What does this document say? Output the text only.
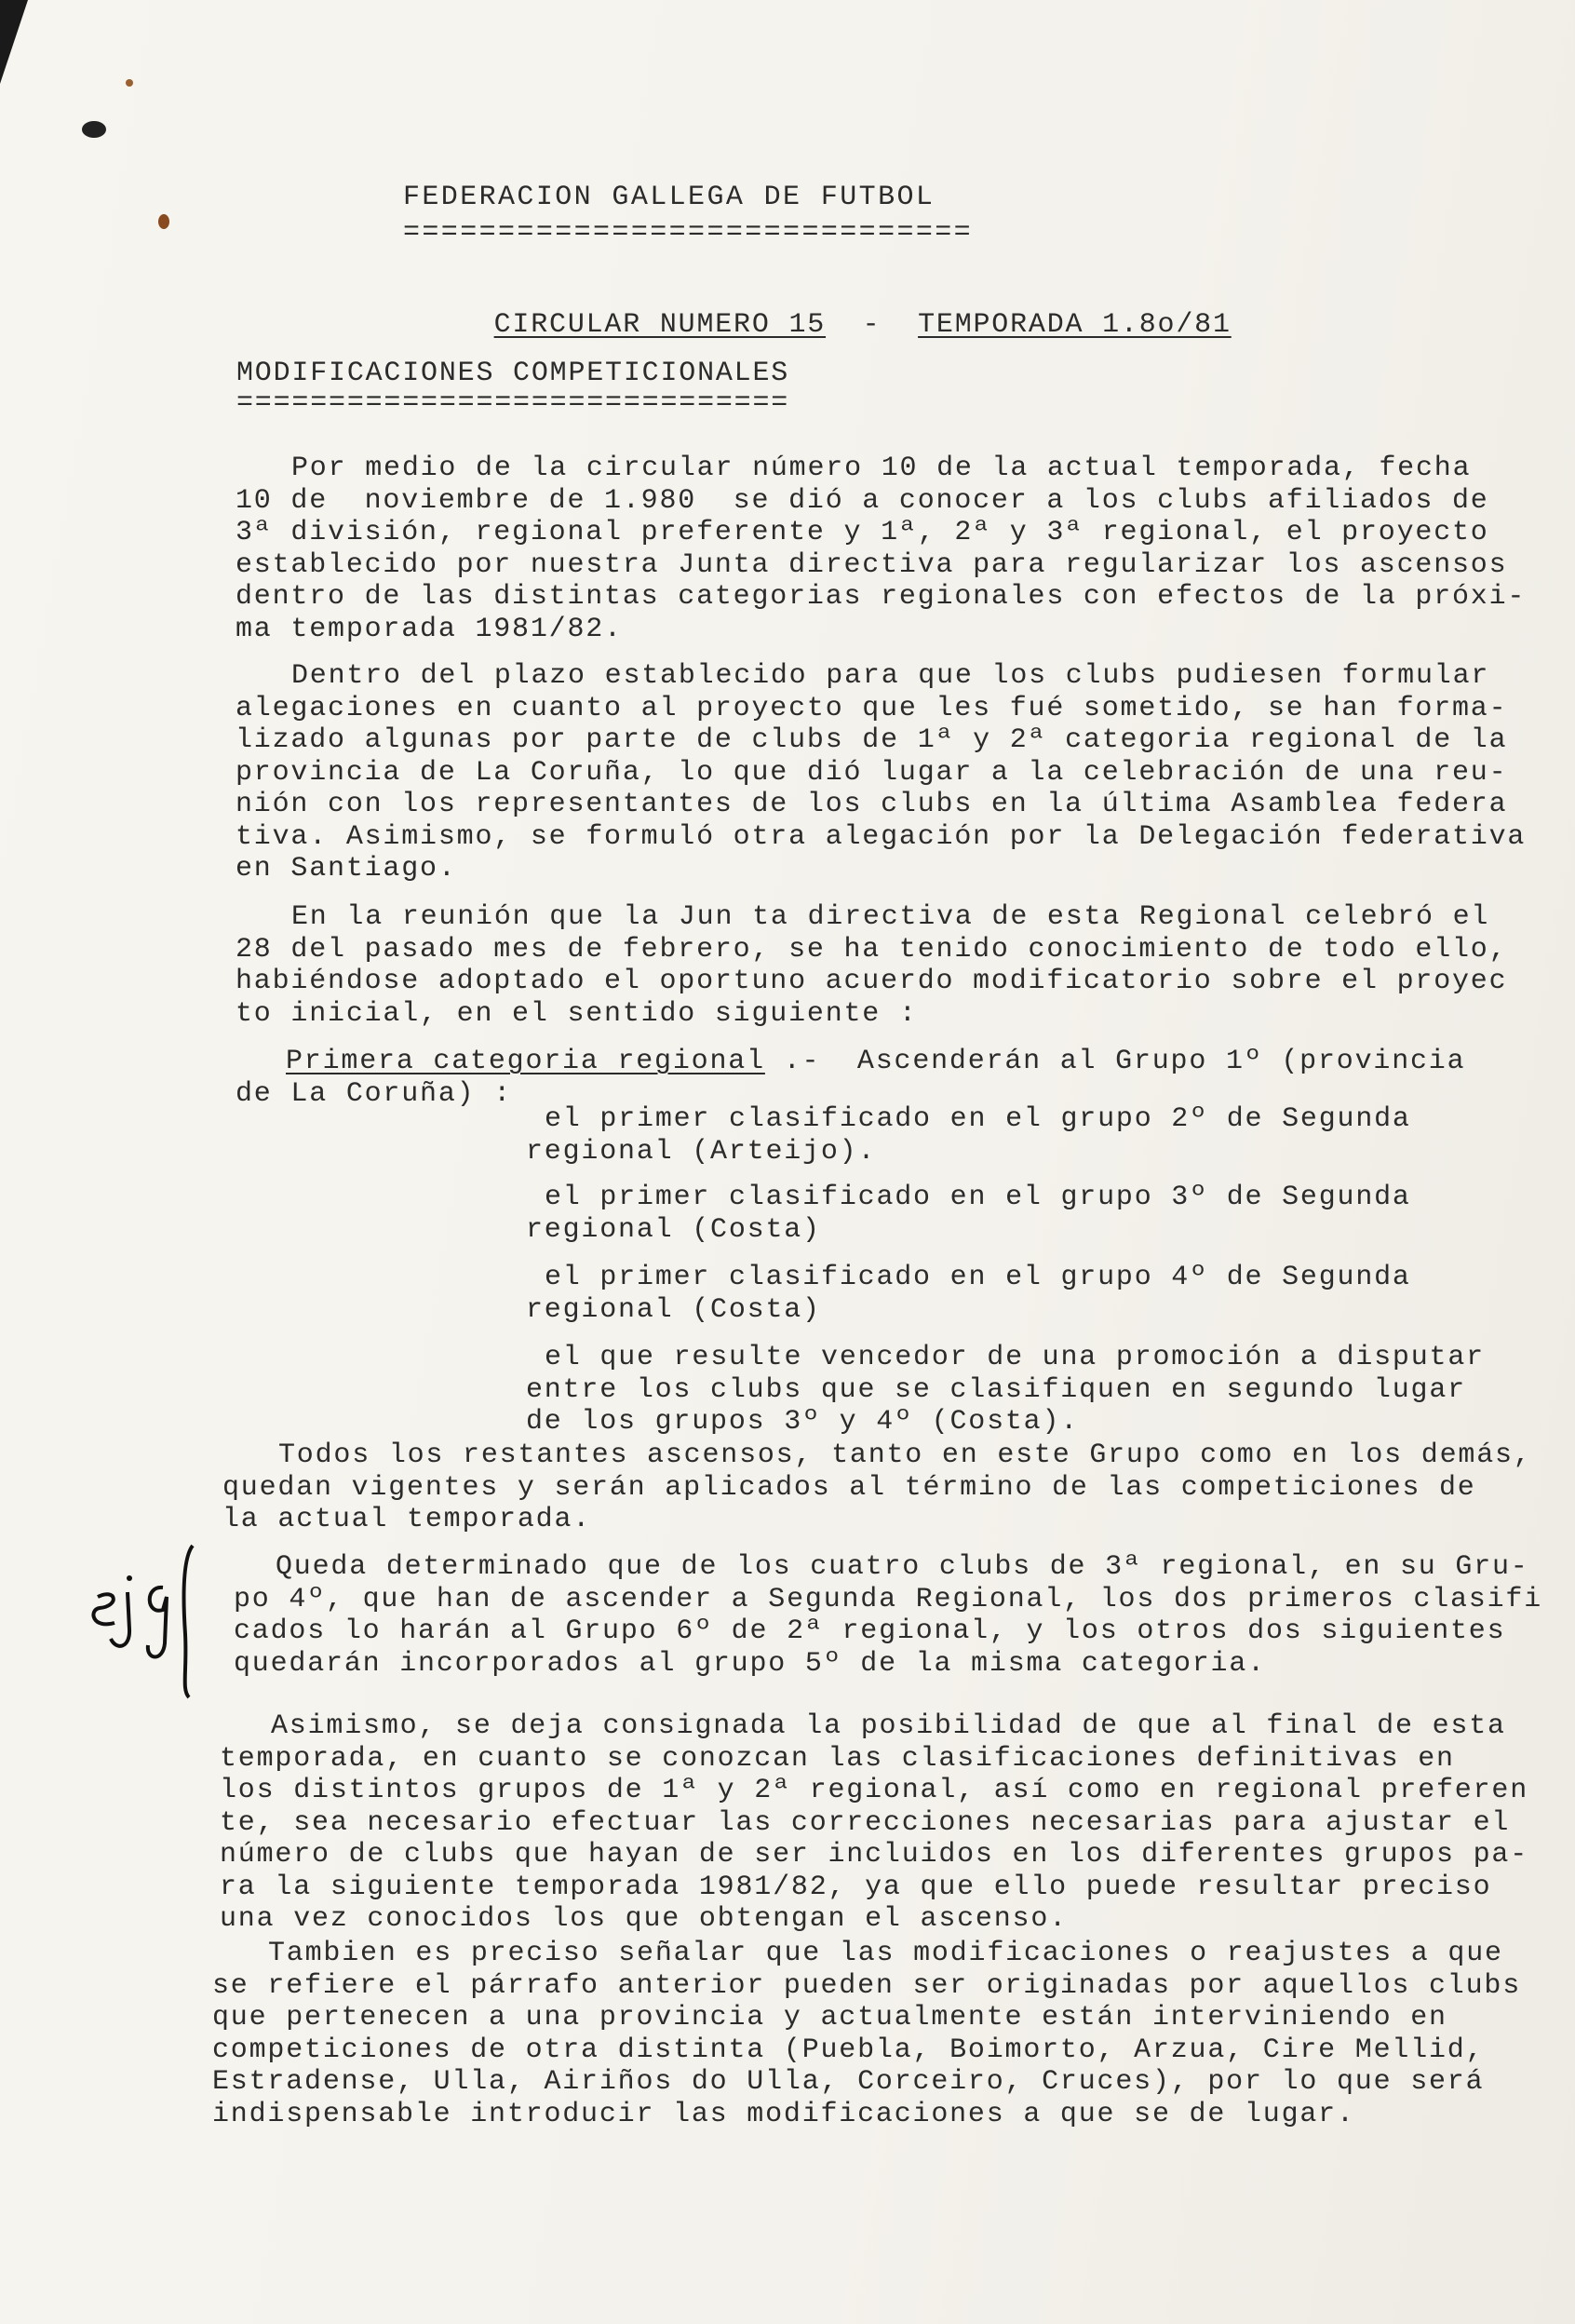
FEDERACION GALLEGA DE FUTBOL
==============================

CIRCULAR NUMERO 15 - TEMPORADA 1.8o/81

MODIFICACIONES COMPETICIONALES
==============================
Por medio de la circular número 10 de la actual temporada, fecha
10 de  noviembre de 1.980  se dió a conocer a los clubs afiliados de
3ª división, regional preferente y 1ª, 2ª y 3ª regional, el proyecto
establecido por nuestra Junta directiva para regularizar los ascensos
dentro de las distintas categorias regionales con efectos de la próxi-
ma temporada 1981/82.
Dentro del plazo establecido para que los clubs pudiesen formular
alegaciones en cuanto al proyecto que les fué sometido, se han forma-
lizado algunas por parte de clubs de 1ª y 2ª categoria regional de la
provincia de La Coruña, lo que dió lugar a la celebración de una reu-
nión con los representantes de los clubs en la última Asamblea federa
tiva. Asimismo, se formuló otra alegación por la Delegación federativa
en Santiago.
En la reunión que la Jun ta directiva de esta Regional celebró el
28 del pasado mes de febrero, se ha tenido conocimiento de todo ello,
habiéndose adoptado el oportuno acuerdo modificatorio sobre el proyec
to inicial, en el sentido siguiente :
Primera categoria regional .-  Ascenderán al Grupo 1º (provincia
de La Coruña) :
el primer clasificado en el grupo 2º de Segunda
regional (Arteijo).
el primer clasificado en el grupo 3º de Segunda
regional (Costa)
el primer clasificado en el grupo 4º de Segunda
regional (Costa)
el que resulte vencedor de una promoción a disputar
entre los clubs que se clasifiquen en segundo lugar
de los grupos 3º y 4º (Costa).
Todos los restantes ascensos, tanto en este Grupo como en los demás,
quedan vigentes y serán aplicados al término de las competiciones de
la actual temporada.
Queda determinado que de los cuatro clubs de 3ª regional, en su Gru-
po 4º, que han de ascender a Segunda Regional, los dos primeros clasifi
cados lo harán al Grupo 6º de 2ª regional, y los otros dos siguientes
quedarán incorporados al grupo 5º de la misma categoria.
Asimismo, se deja consignada la posibilidad de que al final de esta
temporada, en cuanto se conozcan las clasificaciones definitivas en
los distintos grupos de 1ª y 2ª regional, así como en regional preferen
te, sea necesario efectuar las correcciones necesarias para ajustar el
número de clubs que hayan de ser incluidos en los diferentes grupos pa-
ra la siguiente temporada 1981/82, ya que ello puede resultar preciso
una vez conocidos los que obtengan el ascenso.
Tambien es preciso señalar que las modificaciones o reajustes a que
se refiere el párrafo anterior pueden ser originadas por aquellos clubs
que pertenecen a una provincia y actualmente están interviniendo en
competiciones de otra distinta (Puebla, Boimorto, Arzua, Cire Mellid,
Estradense, Ulla, Airiños do Ulla, Corceiro, Cruces), por lo que será
indispensable introducir las modificaciones a que se de lugar.
